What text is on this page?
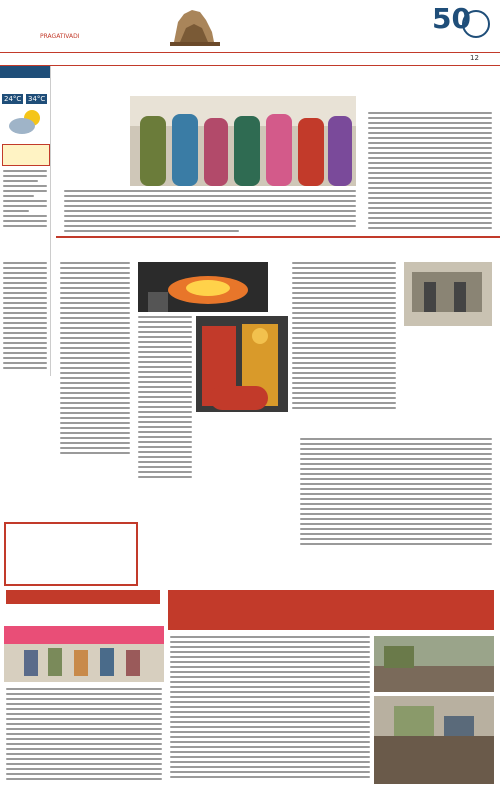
PRAGATIVADI
50
12
24°C 34°C
